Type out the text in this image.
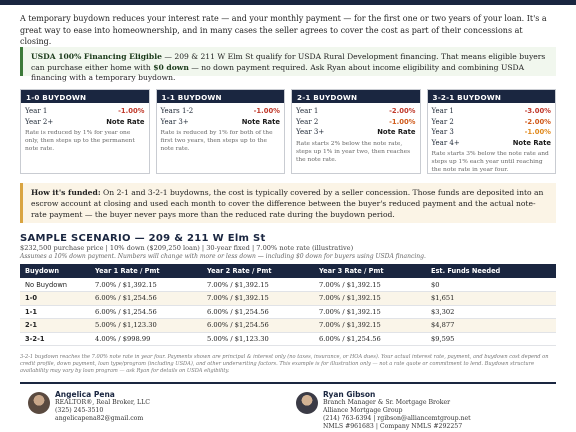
A temporary buydown reduces your interest rate — and your monthly payment — for the first one or two years of your loan. It's a great way to ease into homeownership, and in many cases the seller agrees to cover the cost as part of their concessions at closing.

USDA 100% Financing Eligible — 209 & 211 W Elm St qualify for USDA Rural Development financing. That means eligible buyers can purchase either home with $0 down — no down payment required. Ask Ryan about income eligibility and combining USDA financing with a temporary buydown.
1-0 BUYDOWN
Year 1	-1.00%
Year 2+	Note Rate

Rate is reduced by 1% for year one only, then steps up to the permanent note rate.

1-1 BUYDOWN
Years 1-2	-1.00%
Year 3+	Note Rate

Rate is reduced by 1% for both of the first two years, then steps up to the note rate.

2-1 BUYDOWN
Year 1	-2.00%
Year 2	-1.00%
Year 3+	Note Rate

Rate starts 2% below the note rate, steps up 1% in year two, then reaches the note rate.

3-2-1 BUYDOWN
Year 1	-3.00%
Year 2	-2.00%
Year 3	-1.00%
Year 4+	Note Rate

Rate starts 3% below the note rate and steps up 1% each year until reaching the note rate in year four.

How it's funded: On 2-1 and 3-2-1 buydowns, the cost is typically covered by a seller concession. Those funds are deposited into an escrow account at closing and used each month to cover the difference between the buyer's reduced payment and the actual note-rate payment — the buyer never pays more than the reduced rate during the buydown period.
SAMPLE SCENARIO — 209 & 211 W Elm St
$232,500 purchase price | 10% down ($209,250 loan) | 30-year fixed | 7.00% note rate (illustrative)
Assumes a 10% down payment. Numbers will change with more or less down — including $0 down for buyers using USDA financing.
Buydown	Year 1 Rate / Pmt	Year 2 Rate / Pmt	Year 3 Rate / Pmt	Est. Funds Needed
No Buydown	7.00% / $1,392.15	7.00% / $1,392.15	7.00% / $1,392.15	$0
1-0	6.00% / $1,254.56	7.00% / $1,392.15	7.00% / $1,392.15	$1,651
1-1	6.00% / $1,254.56	6.00% / $1,254.56	7.00% / $1,392.15	$3,302
2-1	5.00% / $1,123.30	6.00% / $1,254.56	7.00% / $1,392.15	$4,877
3-2-1	4.00% / $998.99	5.00% / $1,123.30	6.00% / $1,254.56	$9,595

3-2-1 buydown reaches the 7.00% note rate in year four. Payments shown are principal & interest only (no taxes, insurance, or HOA dues). Your actual interest rate, payment, and buydown cost depend on credit profile, down payment, loan type/program (including USDA), and other underwriting factors. This example is for illustration only — not a rate quote or commitment to lend. Buydown structure availability may vary by loan program — ask Ryan for details on USDA eligibility.

Angelica Pena
REALTOR®, Real Broker, LLC
(325) 245-3510
angelicapena82@gmail.com
Ryan Gibson
Branch Manager & Sr. Mortgage Broker
Alliance Mortgage Group
(214) 763-6394 | rgibson@alliancemtgroup.net
NMLS #961683 | Company NMLS #292257
